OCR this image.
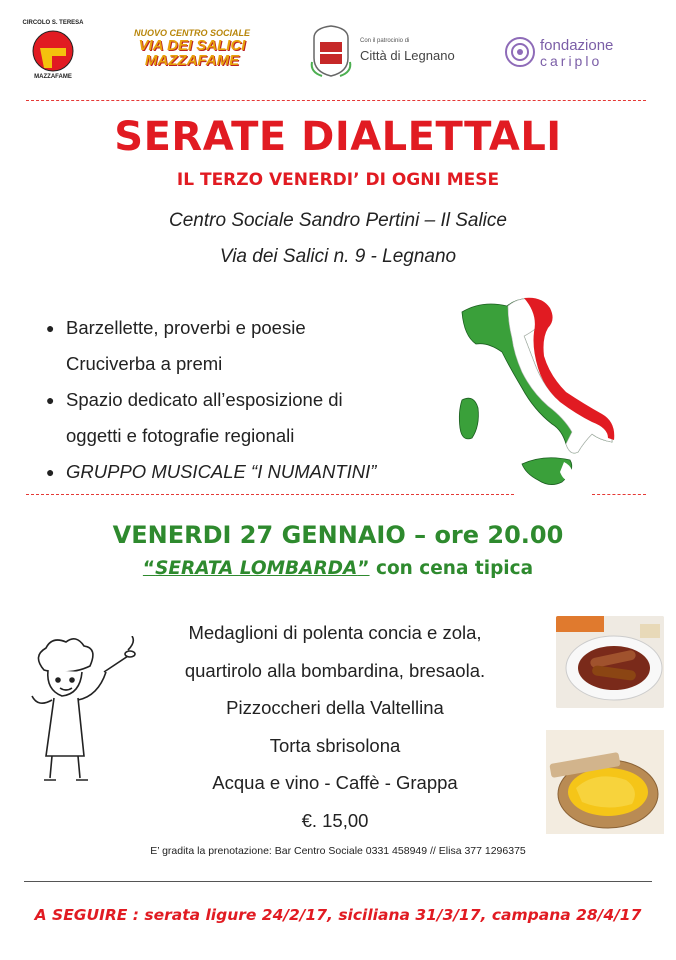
CIRCOLO S. TERESA
MAZZAFAME
NUOVO CENTRO SOCIALE
VIA DEI SALICI
MAZZAFAME
Con il patrocinio di
Città di Legnano
fondazione
cariplo
SERATE DIALETTALI
IL TERZO VENERDI’ DI OGNI MESE
Centro Sociale Sandro Pertini – Il Salice
Via dei Salici n. 9 - Legnano
● Barzellette, proverbi e poesie
Cruciverba a premi
● Spazio dedicato all’esposizione di
oggetti e fotografie regionali
● GRUPPO MUSICALE “I NUMANTINI”
VENERDI 27 GENNAIO – ore 20.00
“SERATA LOMBARDA” con cena tipica
Medaglioni di polenta concia e zola,
quartirolo alla bombardina, bresaola.
Pizzoccheri della Valtellina
Torta sbrisolona
Acqua e vino - Caffè - Grappa
€. 15,00
E’ gradita la prenotazione: Bar Centro Sociale 0331 458949 // Elisa 377 1296375
A SEGUIRE : serata ligure 24/2/17, siciliana 31/3/17, campana 28/4/17
